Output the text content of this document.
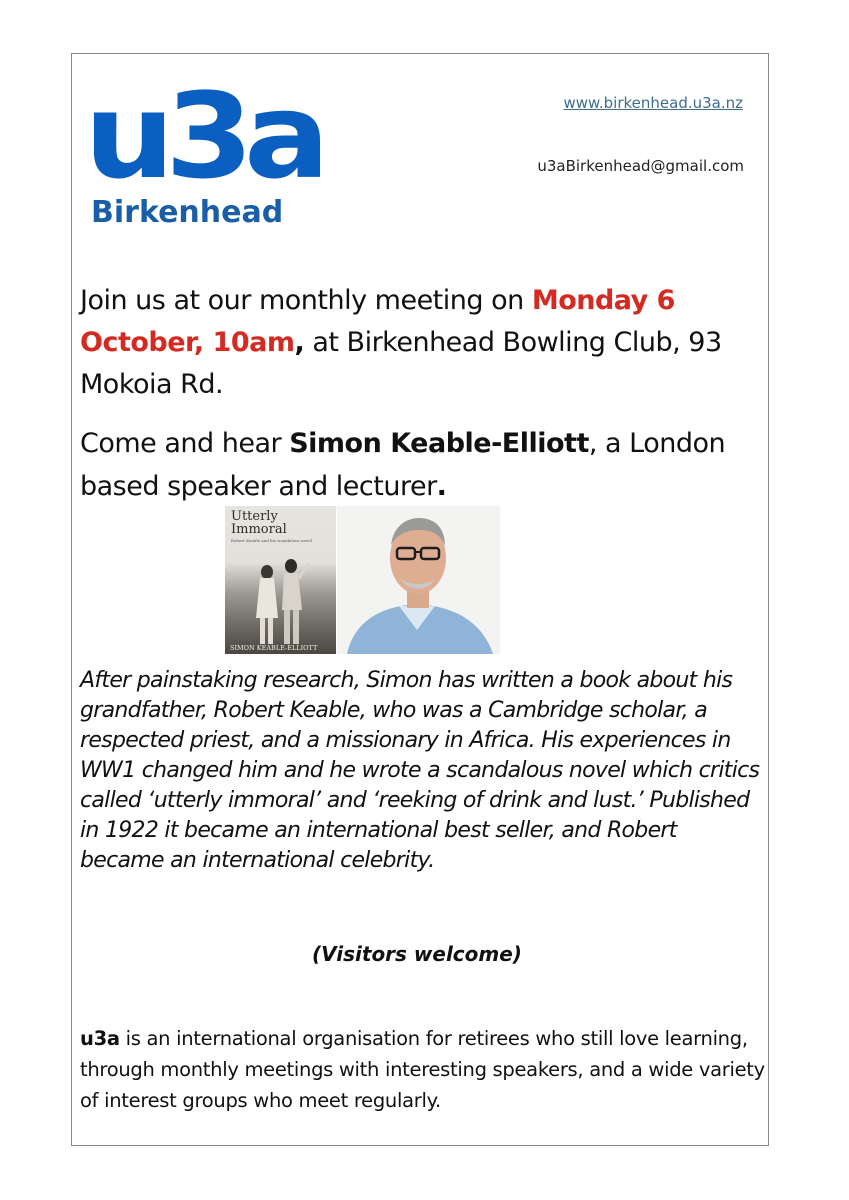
u3a
Birkenhead
www.birkenhead.u3a.nz
u3aBirkenhead@gmail.com
Join us at our monthly meeting on Monday 6 October, 10am, at Birkenhead Bowling Club, 93 Mokoia Rd.
Come and hear Simon Keable-Elliott, a London based speaker and lecturer.
Utterly Immoral
Robert Keable and his scandalous novel
SIMON KEABLE-ELLIOTT
After painstaking research, Simon has written a book about his grandfather, Robert Keable, who was a Cambridge scholar, a respected priest, and a missionary in Africa. His experiences in WW1 changed him and he wrote a scandalous novel which critics called ‘utterly immoral’ and ‘reeking of drink and lust.’ Published in 1922 it became an international best seller, and Robert became an international celebrity.
(Visitors welcome)
u3a is an international organisation for retirees who still love learning, through monthly meetings with interesting speakers, and a wide variety of interest groups who meet regularly.
